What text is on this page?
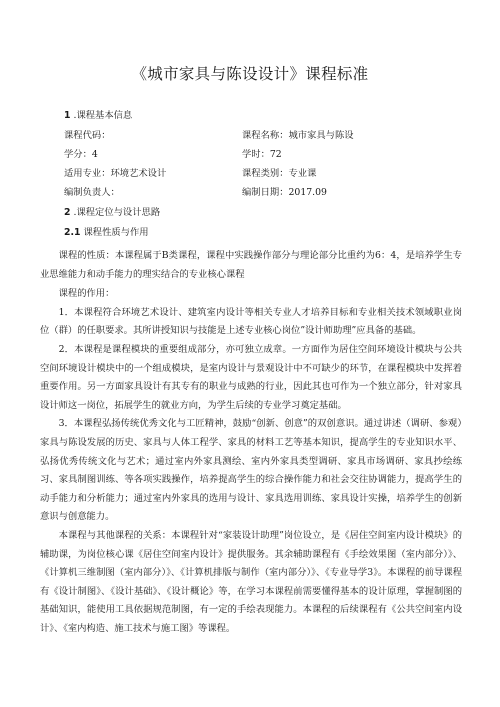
《城市家具与陈设设计》课程标准
1 .课程基本信息
课程代码：	课程名称：城市家具与陈设
学分：4	学时：72
适用专业：环境艺术设计	课程类别：专业课
编制负责人：	编制日期：2017.09
2 .课程定位与设计思路
2.1 课程性质与作用

课程的性质：本课程属于B类课程，课程中实践操作部分与理论部分比重约为6：4，是培养学生专业思维能力和动手能力的理实结合的专业核心课程

课程的作用：

1．本课程符合环境艺术设计、建筑室内设计等相关专业人才培养目标和专业相关技术领域职业岗位（群）的任职要求。其所讲授知识与技能是上述专业核心岗位”设计师助理”应具备的基础。

2．本课程是课程模块的重要组成部分，亦可独立成章。一方面作为居住空间环境设计模块与公共空间环境设计模块中的一个组成模块，是室内设计与景观设计中不可缺少的环节，在课程模块中发挥着重要作用。另一方面家具设计有其专有的职业与成熟的行业，因此其也可作为一个独立部分，针对家具设计师这一岗位，拓展学生的就业方向，为学生后续的专业学习奠定基础。

3．本课程弘扬传统优秀文化与工匠精神，鼓励“创新、创意”的双创意识。通过讲述（调研、参观）家具与陈设发展的历史、家具与人体工程学、家具的材料工艺等基本知识，提高学生的专业知识水平、弘扬优秀传统文化与艺术；通过室内外家具测绘、室内外家具类型调研、家具市场调研、家具抄绘练习、家具制图训练、等各项实践操作，培养提高学生的综合操作能力和社会交往协调能力，提高学生的动手能力和分析能力；通过室内外家具的选用与设计、家具选用训练、家具设计实操，培养学生的创新意识与创意能力。

本课程与其他课程的关系：本课程针对“家装设计助理”岗位设立，是《居住空间室内设计模块》的辅助课，为岗位核心课《居住空间室内设计》提供服务。其余辅助课程有《手绘效果图（室内部分）》、《计算机三维制图（室内部分）》、《计算机排版与制作（室内部分）》、《专业导学3》。本课程的前导课程有《设计制图》、《设计基础》、《设计概论》等，在学习本课程前需要懂得基本的设计原理，掌握制图的基础知识，能使用工具依据规范制图，有一定的手绘表现能力。本课程的后续课程有《公共空间室内设计》、《室内构造、施工技术与施工图》等课程。
